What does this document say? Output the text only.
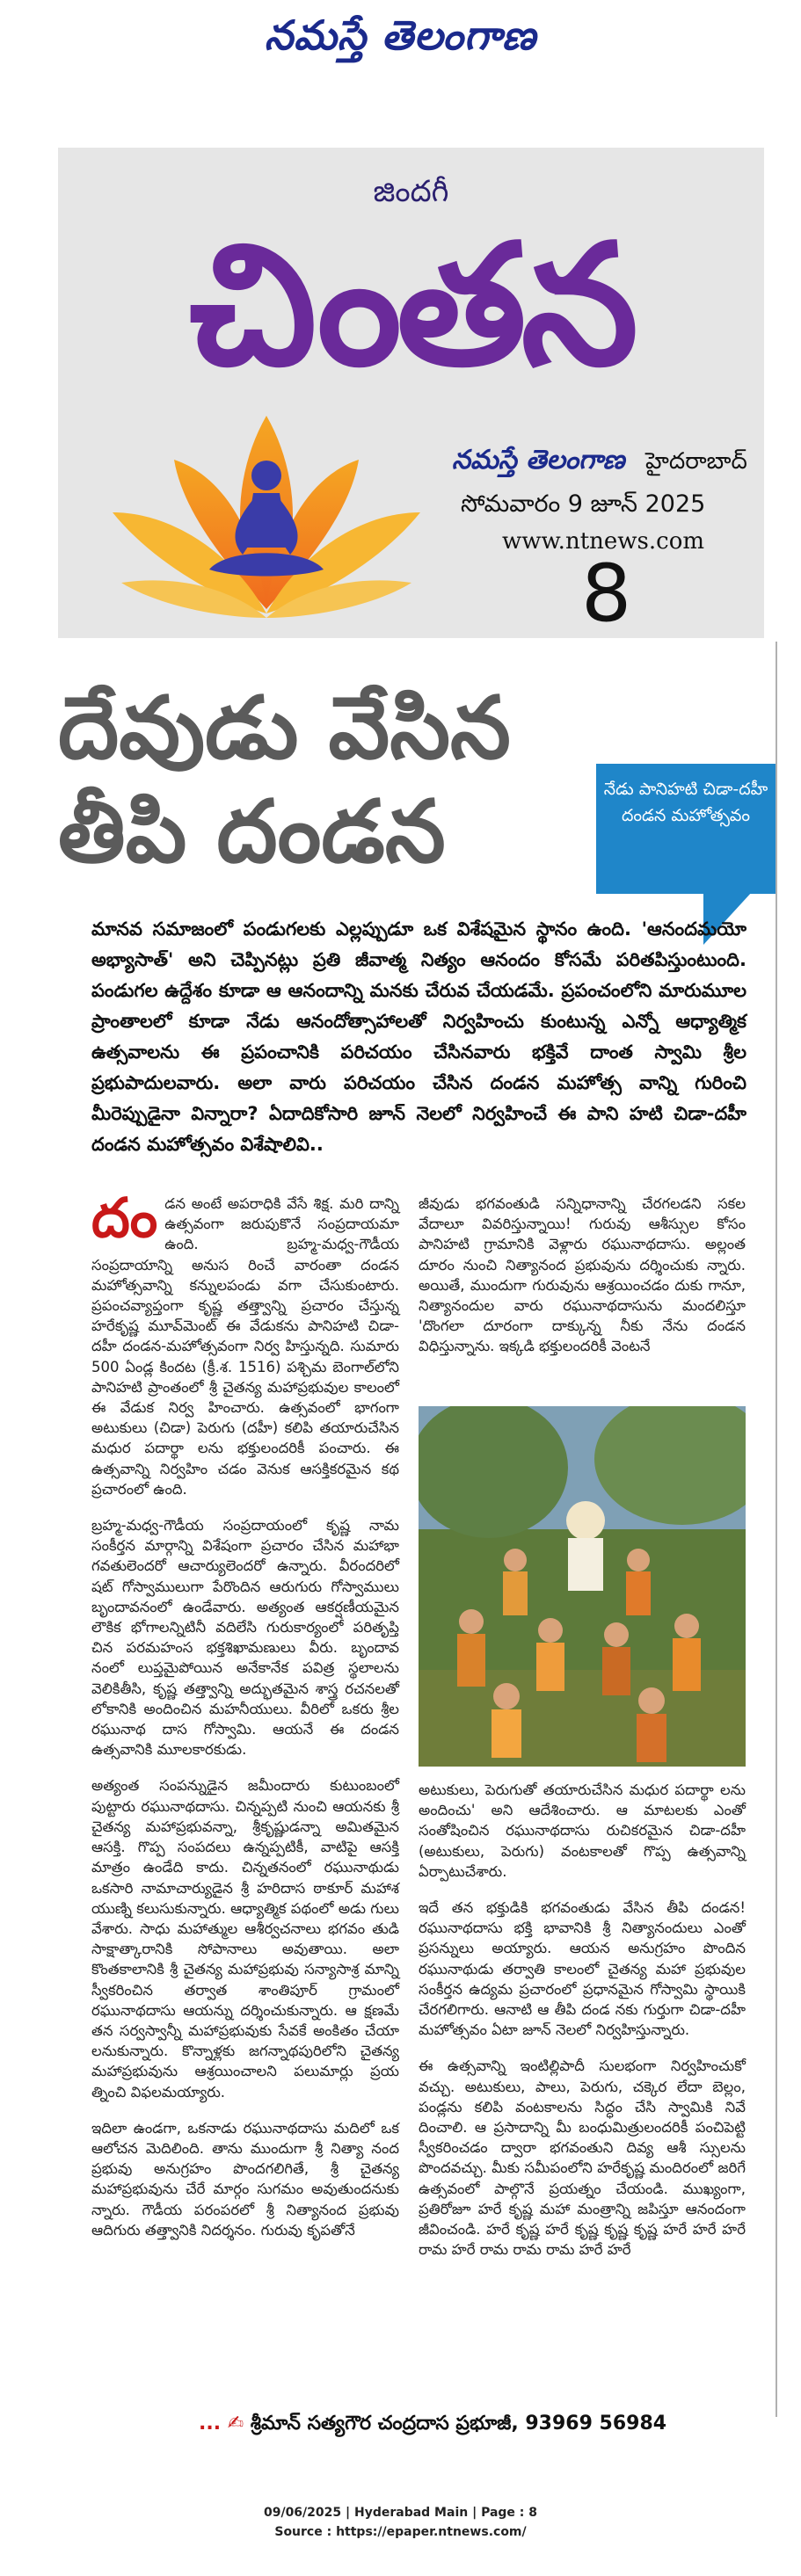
నమస్తే తెలంగాణ
జిందగీ
చింతన
నమస్తే తెలంగాణ హైదరాబాద్
సోమవారం 9 జూన్ 2025
www.ntnews.com
8
దేవుడు వేసిన
తీపి దండన	నేడు పానిహటి చిడా-దహీ దండన మహోత్సవం
మానవ సమాజంలో పండుగలకు ఎల్లప్పుడూ ఒక విశేషమైన స్థానం ఉంది. 'ఆనందమయో అభ్యాసాత్' అని చెప్పినట్లు ప్రతి జీవాత్మ నిత్యం ఆనందం కోసమే పరితపిస్తుంటుంది. పండుగల ఉద్దేశం కూడా ఆ ఆనందాన్ని మనకు చేరువ చేయడమే. ప్రపంచంలోని మారుమూల ప్రాంతాలలో కూడా నేడు ఆనందోత్సాహాలతో నిర్వహించు కుంటున్న ఎన్నో ఆధ్యాత్మిక ఉత్సవాలను ఈ ప్రపంచానికి పరిచయం చేసినవారు భక్తివే దాంత స్వామి శ్రీల ప్రభుపాదులవారు. అలా వారు పరిచయం చేసిన దండన మహోత్స వాన్ని గురించి మీరెప్పుడైనా విన్నారా? ఏదాదికోసారి జూన్ నెలలో నిర్వహించే ఈ పాని హటి చిడా-దహీ దండన మహోత్సవం విశేషాలివి..

దండన అంటే అపరాధికి వేసే శిక్ష. మరి దాన్ని ఉత్సవంగా జరుపుకొనే సంప్రదాయమా ఉంది. బ్రహ్మ-మధ్వ-గౌడీయ సంప్రదాయాన్ని అనుస రించే వారంతా దండన మహోత్సవాన్ని కన్నులపండు వగా చేసుకుంటారు. ప్రపంచవ్యాప్తంగా కృష్ణ తత్త్వాన్ని ప్రచారం చేస్తున్న హరేకృష్ణ మూవ్‌మెంట్ ఈ వేడుకను పానిహటి చిడా-దహీ దండన-మహోత్సవంగా నిర్వ హిస్తున్నది. సుమారు 500 ఏండ్ల కిందట (క్రీ.శ. 1516) పశ్చిమ బెంగాల్‌లోని పానిహటి ప్రాంతంలో శ్రీ చైతన్య మహాప్రభువుల కాలంలో ఈ వేడుక నిర్వ హించారు. ఉత్సవంలో భాగంగా అటుకులు (చిడా) పెరుగు (దహీ) కలిపి తయారుచేసిన మధుర పదార్థా లను భక్తులందరికీ పంచారు. ఈ ఉత్సవాన్ని నిర్వహిం చడం వెనుక ఆసక్తికరమైన కథ ప్రచారంలో ఉంది.

బ్రహ్మ-మధ్వ-గౌడీయ సంప్రదాయంలో కృష్ణ నామ సంకీర్తన మార్గాన్ని విశేషంగా ప్రచారం చేసిన మహాభా గవతులెందరో ఆచార్యులెందరో ఉన్నారు. వీరందరిలో షట్‌ గోస్వాములుగా పేరొందిన ఆరుగురు గోస్వాములు బృందావనంలో ఉండేవారు. అత్యంత ఆకర్షణీయమైన లౌకిక భోగాలన్నిటినీ వదిలేసి గురుకార్యంలో పరితృప్తి చిన పరమహంస భక్తశిఖామణులు వీరు. బృందావ నంలో లుప్తమైపోయిన అనేకానేక పవిత్ర స్థలాలను వెలికితీసి, కృష్ణ తత్త్వాన్ని అద్భుతమైన శాస్త్ర రచనలతో లోకానికి అందించిన మహనీయులు. వీరిలో ఒకరు శ్రీల రఘునాథ దాస గోస్వామి. ఆయనే ఈ దండన ఉత్సవానికి మూలకారకుడు.

అత్యంత సంపన్నుడైన జమీందారు కుటుంబంలో పుట్టారు రఘునాథదాసు. చిన్నప్పటి నుంచి ఆయనకు శ్రీ చైతన్య మహాప్రభువన్నా, శ్రీకృష్ణుడన్నా అమితమైన ఆసక్తి. గొప్ప సంపదలు ఉన్నప్పటికీ, వాటిపై ఆసక్తి మాత్రం ఉండేది కాదు. చిన్నతనంలో రఘునాథుడు ఒకసారి నామాచార్యుడైన శ్రీ హరిదాస ఠాకూర్ మహాశ యుణ్ని కలుసుకున్నారు. ఆధ్యాత్మిక పథంలో అడు గులు వేశారు. సాధు మహాత్ముల ఆశీర్వచనాలు భగవం తుడి సాక్షాత్కారానికి సోపానాలు అవుతాయి. అలా కొంతకాలానికి శ్రీ చైతన్య మహాప్రభువు సన్యాసాశ్ర మాన్ని స్వీకరించిన తర్వాత శాంతిపూర్ గ్రామంలో రఘునాథదాసు ఆయన్ను దర్శించుకున్నారు. ఆ క్షణమే తన సర్వస్వాన్నీ మహాప్రభువుకు సేవకే అంకితం చేయా లనుకున్నారు. కొన్నాళ్లకు జగన్నాథపురిలోని చైతన్య మహాప్రభువును ఆశ్రయించాలని పలుమార్లు ప్రయ త్నించి విఫలమయ్యారు.

ఇదిలా ఉండగా, ఒకనాడు రఘునాథదాసు మదిలో ఒక ఆలోచన మెదిలింది. తాను ముందుగా శ్రీ నిత్యా నంద ప్రభువు అనుగ్రహం పొందగలిగితే, శ్రీ చైతన్య మహాప్రభువును చేరే మార్గం సుగమం అవుతుందనుకు న్నారు. గౌడీయ పరంపరలో శ్రీ నిత్యానంద ప్రభువు ఆదిగురు తత్త్వానికి నిదర్శనం. గురువు కృపతోనే

జీవుడు భగవంతుడి సన్నిధానాన్ని చేరగలడని సకల వేదాలూ వివరిస్తున్నాయి! గురువు ఆశీస్సుల కోసం పానిహటి గ్రామానికి వెళ్లారు రఘునాథదాసు. అల్లంత దూరం నుంచి నిత్యానంద ప్రభువును దర్శించుకు న్నారు. అయితే, ముందుగా గురువును ఆశ్రయించడం దుకు గానూ, నిత్యానందుల వారు రఘునాథదాసును మందలిస్తూ 'దొంగలా దూరంగా దాక్కున్న నీకు నేను దండన విధిస్తున్నాను. ఇక్కడి భక్తులందరికీ వెంటనే

అటుకులు, పెరుగుతో తయారుచేసిన మధుర పదార్థా లను అందించు' అని ఆదేశించారు. ఆ మాటలకు ఎంతో సంతోషించిన రఘునాథదాసు రుచికరమైన చిడా-దహీ (అటుకులు, పెరుగు) వంటకాలతో గొప్ప ఉత్సవాన్ని ఏర్పాటుచేశారు.

ఇదే తన భక్తుడికి భగవంతుడు వేసిన తీపి దండన! రఘునాథదాసు భక్తి భావానికి శ్రీ నిత్యానందులు ఎంతో ప్రసన్నులు అయ్యారు. ఆయన అనుగ్రహం పొందిన రఘునాథుడు తర్వాతి కాలంలో చైతన్య మహా ప్రభువుల సంకీర్తన ఉద్యమ ప్రచారంలో ప్రధానమైన గోస్వామి స్థాయికి చేరగలిగారు. ఆనాటి ఆ తీపి దండ నకు గుర్తుగా చిడా-దహీ మహోత్సవం ఏటా జూన్ నెలలో నిర్వహిస్తున్నారు.

ఈ ఉత్సవాన్ని ఇంటిల్లిపాదీ సులభంగా నిర్వహించుకో వచ్చు. అటుకులు, పాలు, పెరుగు, చక్కెర లేదా బెల్లం, పండ్లను కలిపి వంటకాలను సిద్ధం చేసి స్వామికి నివే దించాలి. ఆ ప్రసాదాన్ని మీ బంధుమిత్రులందరికీ పంచిపెట్టి స్వీకరించడం ద్వారా భగవంతుని దివ్య ఆశీ స్సులను పొందవచ్చు. మీకు సమీపంలోని హరేకృష్ణ మందిరంలో జరిగే ఉత్సవంలో పాల్గొనే ప్రయత్నం చేయండి. ముఖ్యంగా, ప్రతిరోజూ హరే కృష్ణ మహా మంత్రాన్ని జపిస్తూ ఆనందంగా జీవించండి. హరే కృష్ణ హరే కృష్ణ కృష్ణ కృష్ణ హరే హరే హరే రామ హరే రామ రామ రామ హరే హరే

... ✍ శ్రీమాన్ సత్యగౌర చంద్రదాస ప్రభూజీ, 93969 56984
09/06/2025 | Hyderabad Main | Page : 8
Source : https://epaper.ntnews.com/
